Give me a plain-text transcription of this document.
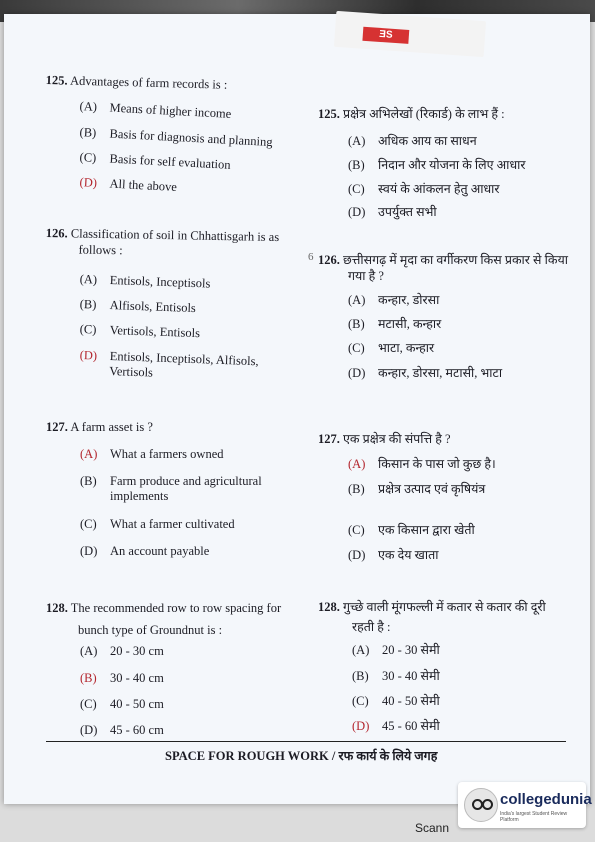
ƎS
125. Advantages of farm records is :
(A) Means of higher income
(B) Basis for diagnosis and planning
(C) Basis for self evaluation
(D) All the above
125. प्रक्षेत्र अभिलेखों (रिकार्ड) के लाभ हैं :
(A) अधिक आय का साधन
(B) निदान और योजना के लिए आधार
(C) स्वयं के आंकलन हेतु आधार
(D) उपर्युक्त सभी
126. Classification of soil in Chhattisgarh is as
follows :
(A) Entisols, Inceptisols
(B) Alfisols, Entisols
(C) Vertisols, Entisols
(D) Entisols, Inceptisols, Alfisols,
Vertisols
6 126. छत्तीसगढ़ में मृदा का वर्गीकरण किस प्रकार से किया
गया है ?
(A) कन्हार, डोरसा
(B) मटासी, कन्हार
(C) भाटा, कन्हार
(D) कन्हार, डोरसा, मटासी, भाटा
127. A farm asset is ?
(A) What a farmers owned
(B) Farm produce and agricultural
implements
(C) What a farmer cultivated
(D) An account payable
127. एक प्रक्षेत्र की संपत्ति है ?
(A) किसान के पास जो कुछ है।
(B) प्रक्षेत्र उत्पाद एवं कृषियंत्र
(C) एक किसान द्वारा खेती
(D) एक देय खाता
128. The recommended row to row spacing for
bunch type of Groundnut is :
(A) 20 - 30 cm
(B) 30 - 40 cm
(C) 40 - 50 cm
(D) 45 - 60 cm
128. गुच्छे वाली मूंगफल्ली में कतार से कतार की दूरी
रहती है :
(A) 20 - 30 सेमी
(B) 30 - 40 सेमी
(C) 40 - 50 सेमी
(D) 45 - 60 सेमी
SPACE FOR ROUGH WORK / रफ कार्य के लिये जगह
collegedunia
India's largest Student Review Platform
Scann
